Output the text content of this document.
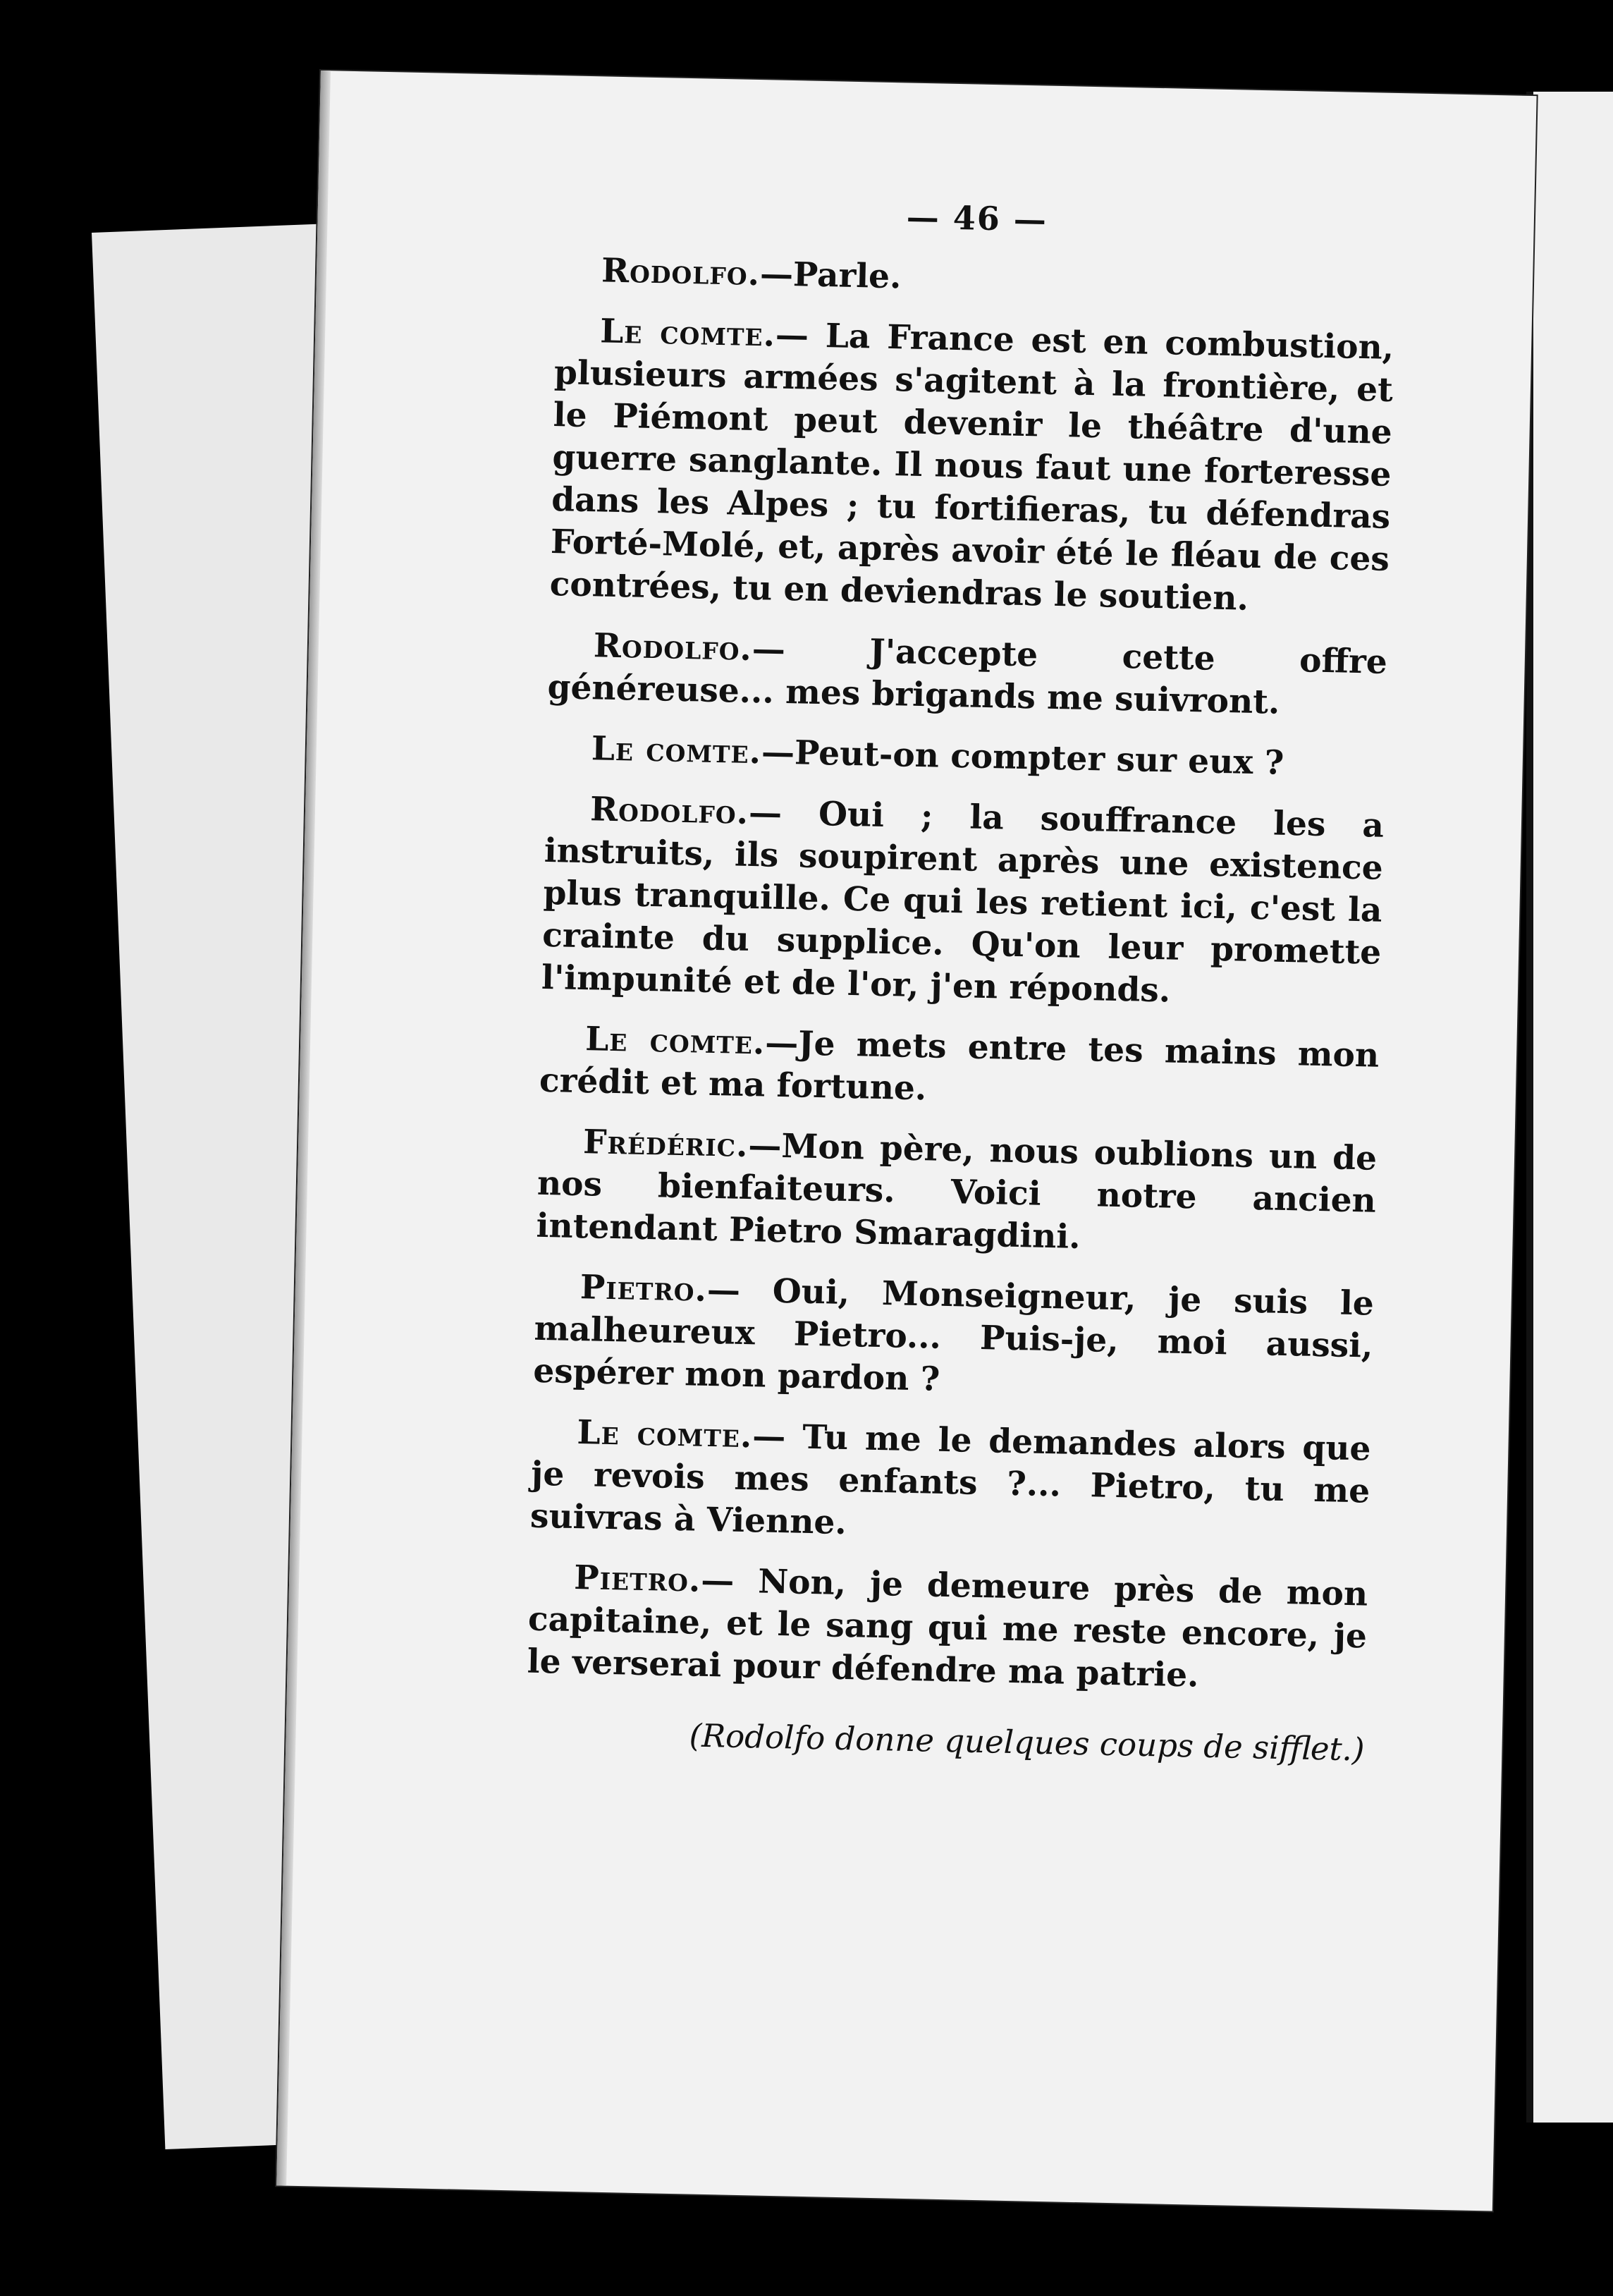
— 46 —

Rodolfo.—Parle.

Le comte.— La France est en combustion, plusieurs armées s'agitent à la frontière, et le Piémont peut devenir le théâtre d'une guerre sanglante. Il nous faut une forteresse dans les Alpes ; tu fortifieras, tu défendras Forté-Molé, et, après avoir été le fléau de ces contrées, tu en deviendras le soutien.

Rodolfo.— J'accepte cette offre généreuse... mes brigands me suivront.

Le comte.—Peut-on compter sur eux ?

Rodolfo.— Oui ; la souffrance les a instruits, ils soupirent après une existence plus tranquille. Ce qui les retient ici, c'est la crainte du supplice. Qu'on leur promette l'impunité et de l'or, j'en réponds.

Le comte.—Je mets entre tes mains mon crédit et ma fortune.

Frédéric.—Mon père, nous oublions un de nos bienfaiteurs. Voici notre ancien intendant Pietro Smaragdini.

Pietro.— Oui, Monseigneur, je suis le malheureux Pietro... Puis-je, moi aussi, espérer mon pardon ?

Le comte.— Tu me le demandes alors que je revois mes enfants ?... Pietro, tu me suivras à Vienne.

Pietro.— Non, je demeure près de mon capitaine, et le sang qui me reste encore, je le verserai pour défendre ma patrie.

(Rodolfo donne quelques coups de sifflet.)
